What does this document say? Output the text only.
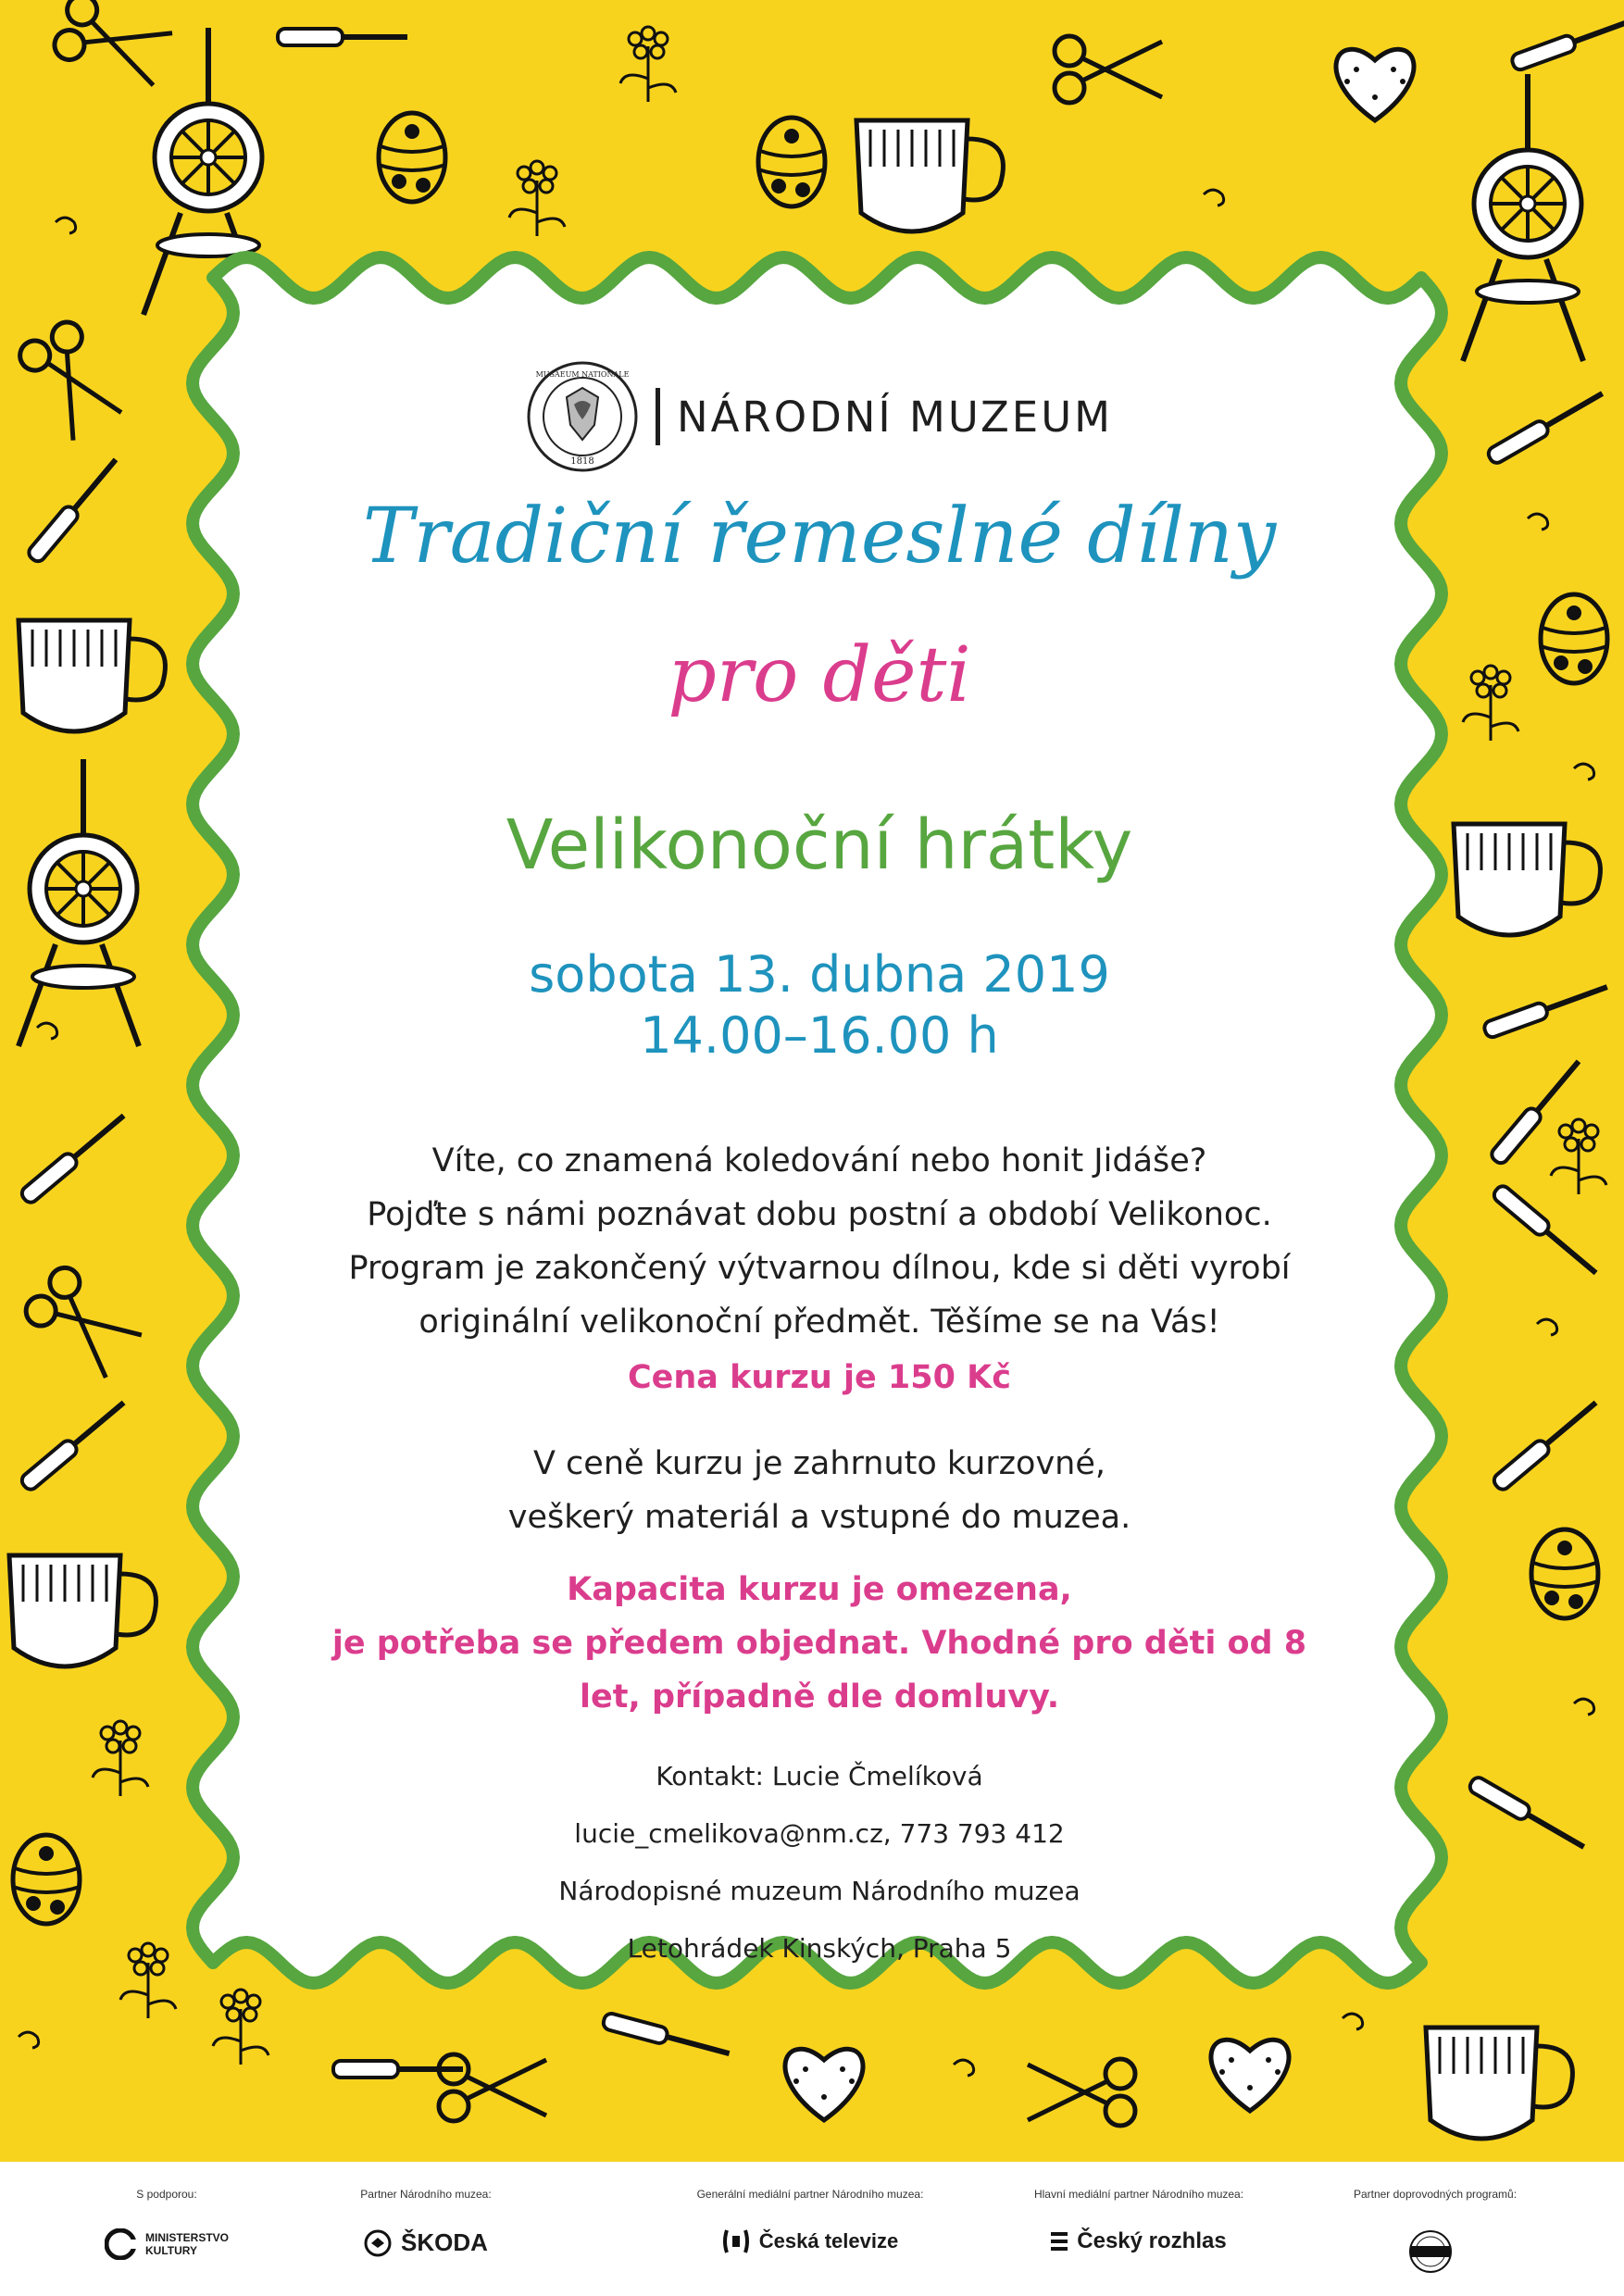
MUSAEUM NATIONALE
1818
NÁRODNÍ MUZEUM
Tradiční řemeslné dílny
pro děti
Velikonoční hrátky
sobota 13. dubna 2019
14.00–16.00 h
Víte, co znamená koledování nebo honit Jidáše?
Pojďte s námi poznávat dobu postní a období Velikonoc.
Program je zakončený výtvarnou dílnou, kde si děti vyrobí
originální velikonoční předmět. Těšíme se na Vás!
Cena kurzu je 150 Kč
V ceně kurzu je zahrnuto kurzovné,
veškerý materiál a vstupné do muzea.
Kapacita kurzu je omezena,
je potřeba se předem objednat. Vhodné pro děti od 8
let, případně dle domluvy.
Kontakt: Lucie Čmelíková
lucie_cmelikova@nm.cz, 773 793 412
Národopisné muzeum Národního muzea
Letohrádek Kinských, Praha 5
S podporou:
MINISTERSTVO
KULTURY
Partner Národního muzea:
ŠKODA
Generální mediální partner Národního muzea:
Česká televize
Hlavní mediální partner Národního muzea:
Český rozhlas
Partner doprovodných programů:
